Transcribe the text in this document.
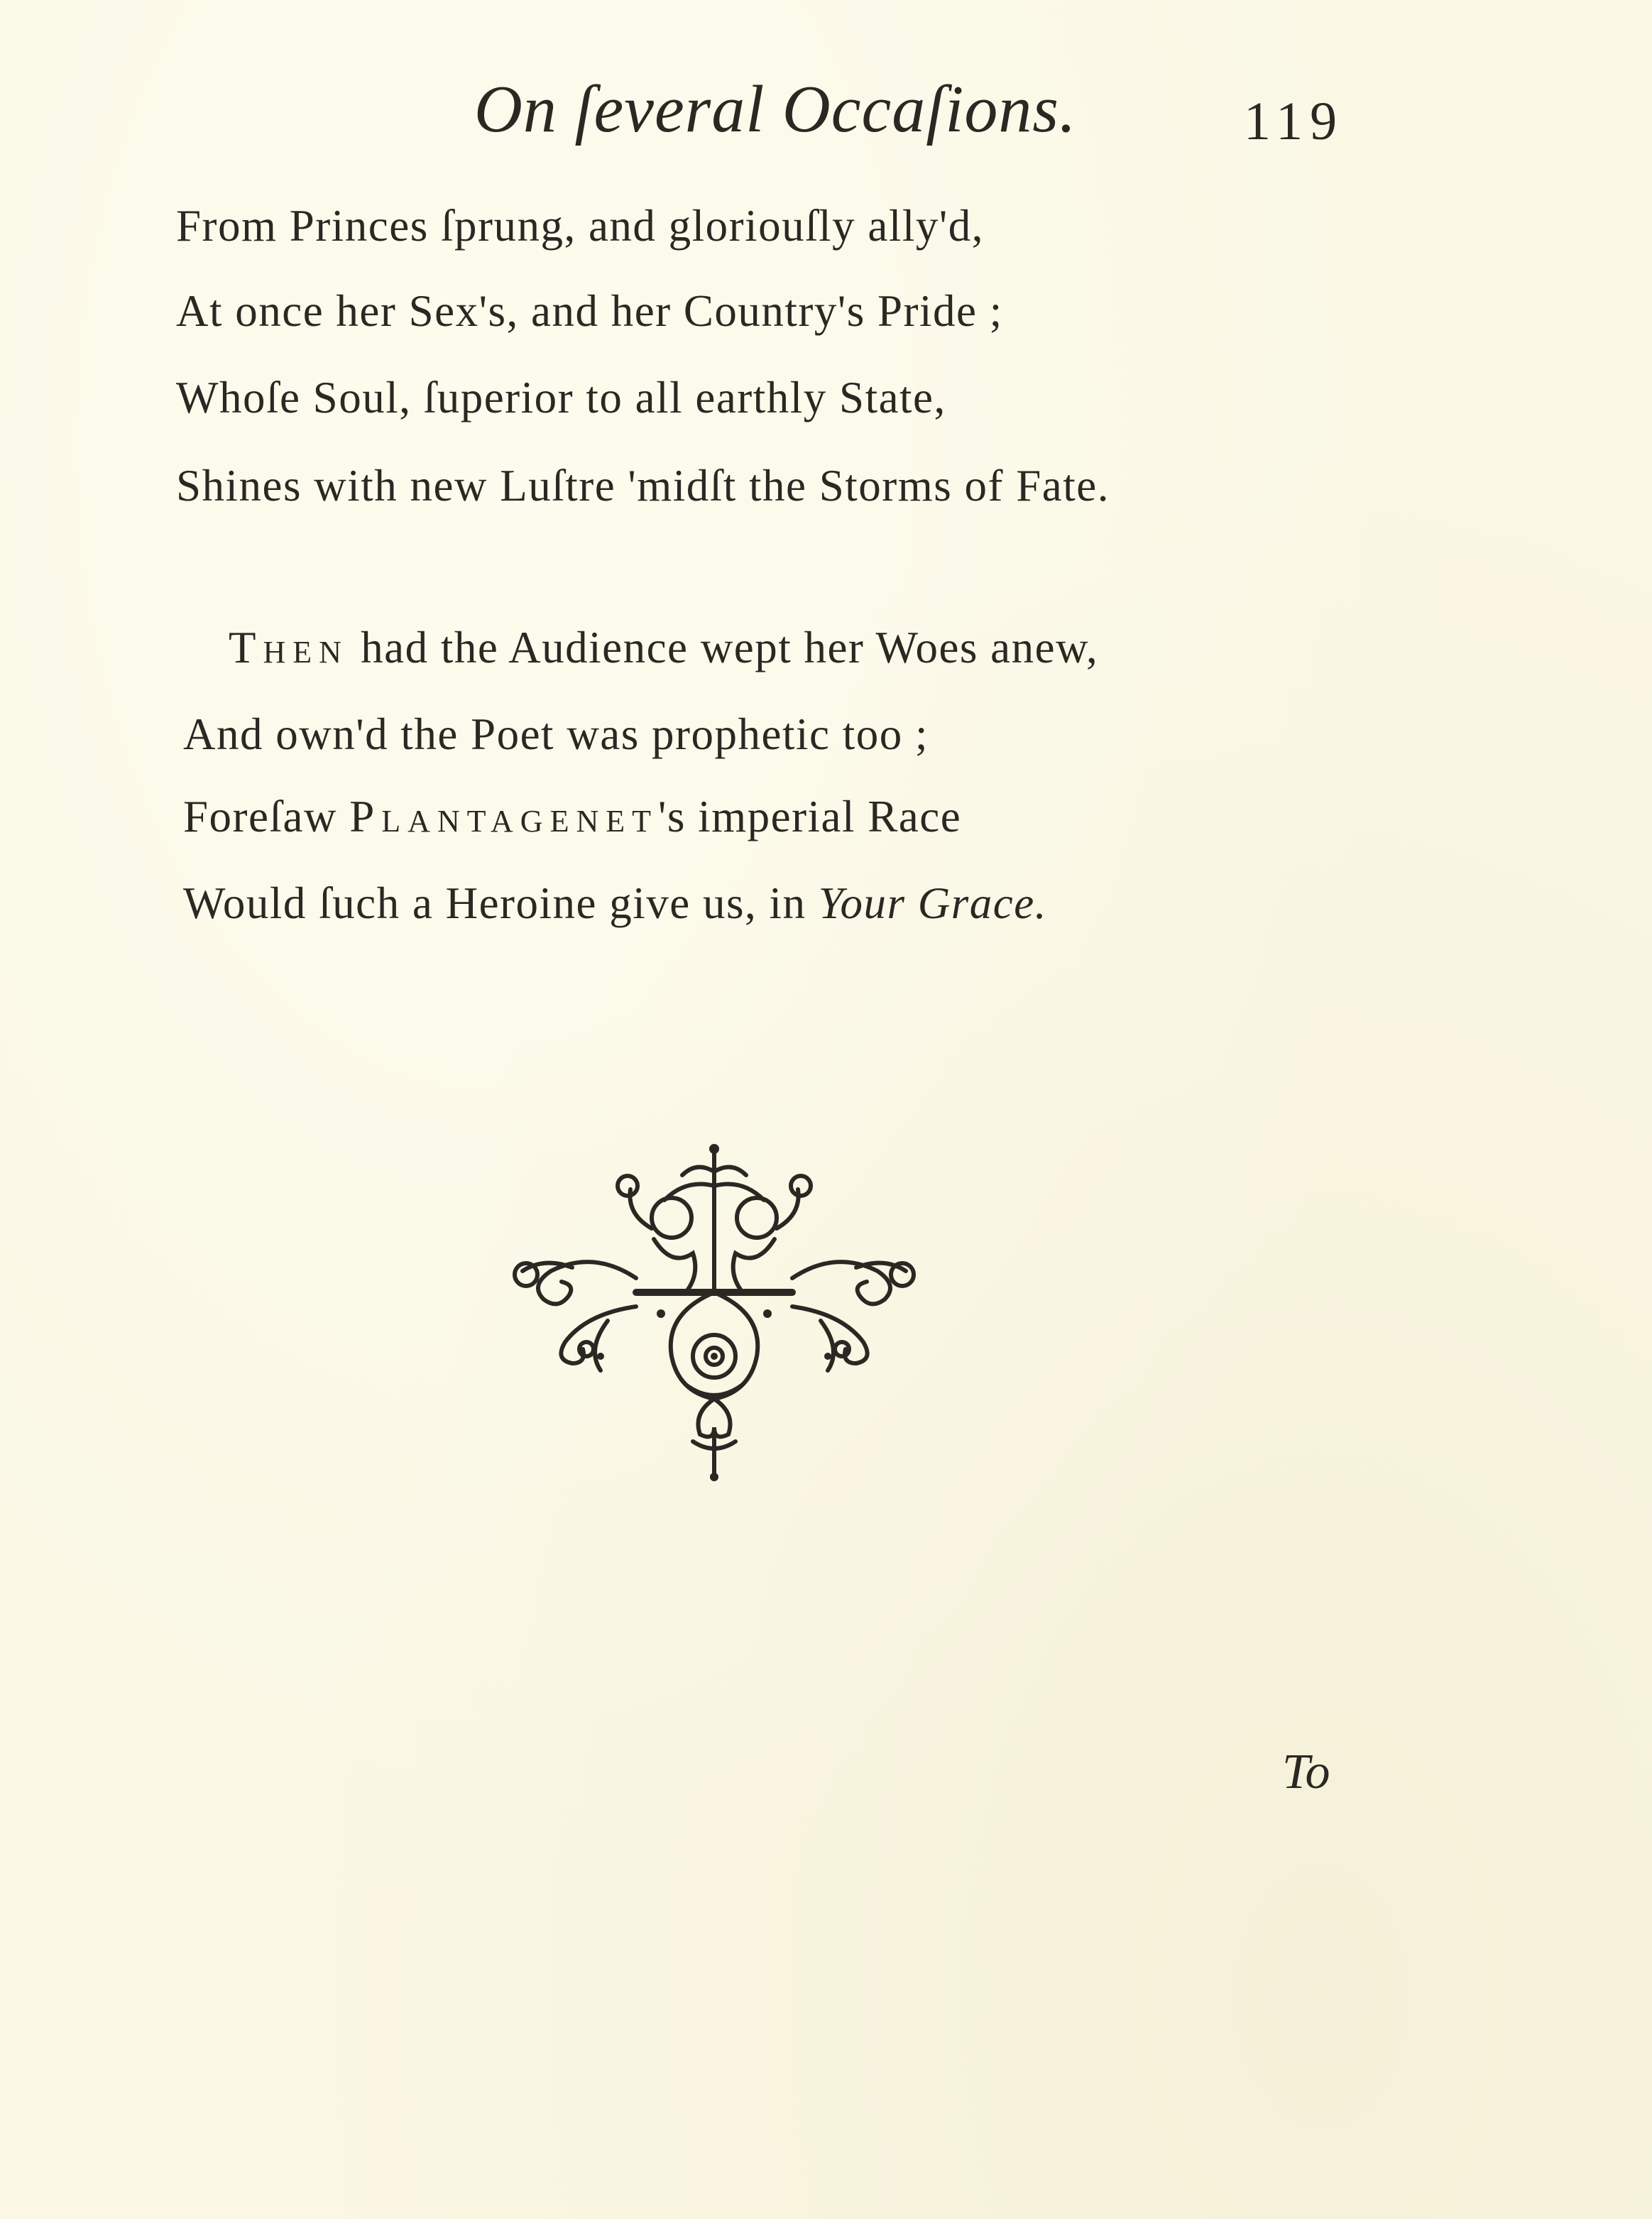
On ſeveral Occaſions.	119
From Princes ſprung, and gloriouſly ally'd,
At once her Sex's, and her Country's Pride ;
Whoſe Soul, ſuperior to all earthly State,
Shines with new Luſtre 'midſt the Storms of Fate.
Then had the Audience wept her Woes anew,
And own'd the Poet was prophetic too ;
Foreſaw Plantagenet's imperial Race
Would ſuch a Heroine give us, in Your Grace.
To
